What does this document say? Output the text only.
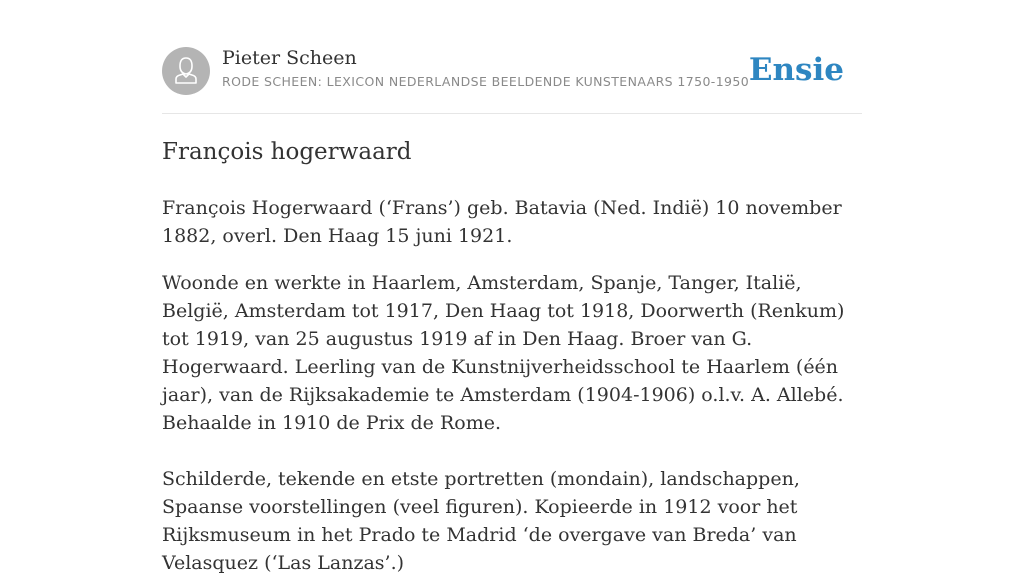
Pieter Scheen
RODE SCHEEN: LEXICON NEDERLANDSE BEELDENDE KUNSTENAARS 1750-1950 Ensie
François hogerwaard

François Hogerwaard (‘Frans’) geb. Batavia (Ned. Indië) 10 november 1882, overl. Den Haag 15 juni 1921.

Woonde en werkte in Haarlem, Amsterdam, Spanje, Tanger, Italië, België, Amsterdam tot 1917, Den Haag tot 1918, Doorwerth (Renkum) tot 1919, van 25 augustus 1919 af in Den Haag. Broer van G. Hogerwaard. Leerling van de Kunstnijverheidsschool te Haarlem (één jaar), van de Rijksakademie te Amsterdam (1904-1906) o.l.v. A. Allebé. Behaalde in 1910 de Prix de Rome.

Schilderde, tekende en etste portretten (mondain), landschappen, Spaanse voorstellingen (veel figuren). Kopieerde in 1912 voor het Rijksmuseum in het Prado te Madrid ‘de overgave van Breda’ van Velasquez (‘Las Lanzas’.)
